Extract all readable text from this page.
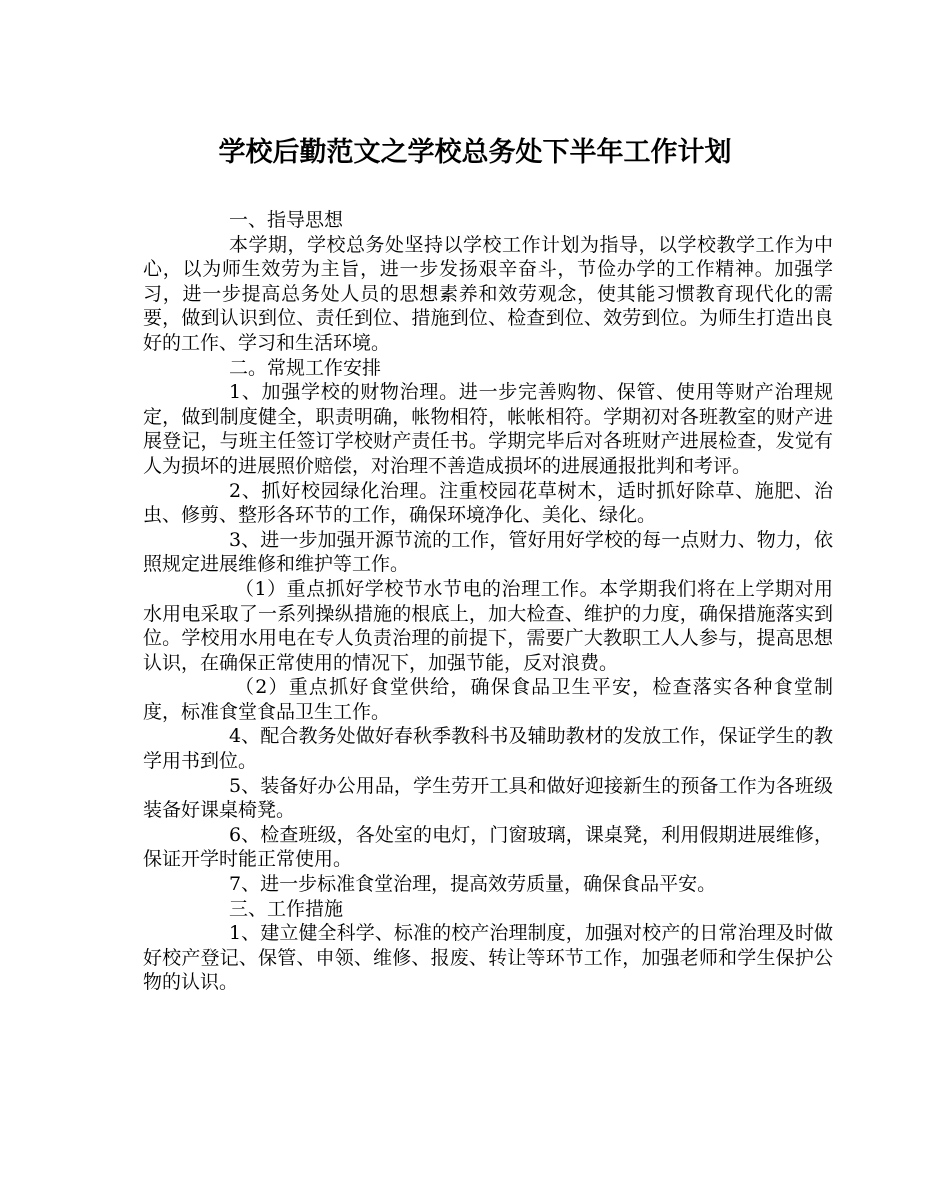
学校后勤范文之学校总务处下半年工作计划

一、指导思想

本学期，学校总务处坚持以学校工作计划为指导，以学校教学工作为中心，以为师生效劳为主旨，进一步发扬艰辛奋斗，节俭办学的工作精神。加强学习，进一步提高总务处人员的思想素养和效劳观念，使其能习惯教育现代化的需要，做到认识到位、责任到位、措施到位、检查到位、效劳到位。为师生打造出良好的工作、学习和生活环境。

二。常规工作安排

1、加强学校的财物治理。进一步完善购物、保管、使用等财产治理规定，做到制度健全，职责明确，帐物相符，帐帐相符。学期初对各班教室的财产进展登记，与班主任签订学校财产责任书。学期完毕后对各班财产进展检查，发觉有人为损坏的进展照价赔偿，对治理不善造成损坏的进展通报批判和考评。

2、抓好校园绿化治理。注重校园花草树木，适时抓好除草、施肥、治虫、修剪、整形各环节的工作，确保环境净化、美化、绿化。

3、进一步加强开源节流的工作，管好用好学校的每一点财力、物力，依照规定进展维修和维护等工作。

（1）重点抓好学校节水节电的治理工作。本学期我们将在上学期对用水用电采取了一系列操纵措施的根底上，加大检查、维护的力度，确保措施落实到位。学校用水用电在专人负责治理的前提下，需要广大教职工人人参与，提高思想认识，在确保正常使用的情况下，加强节能，反对浪费。

（2）重点抓好食堂供给，确保食品卫生平安，检查落实各种食堂制度，标准食堂食品卫生工作。

4、配合教务处做好春秋季教科书及辅助教材的发放工作，保证学生的教学用书到位。

5、装备好办公用品，学生劳开工具和做好迎接新生的预备工作为各班级装备好课桌椅凳。

6、检查班级，各处室的电灯，门窗玻璃，课桌凳，利用假期进展维修，保证开学时能正常使用。

7、进一步标准食堂治理，提高效劳质量，确保食品平安。

三、工作措施

1、建立健全科学、标准的校产治理制度，加强对校产的日常治理及时做好校产登记、保管、申领、维修、报废、转让等环节工作，加强老师和学生保护公物的认识。
